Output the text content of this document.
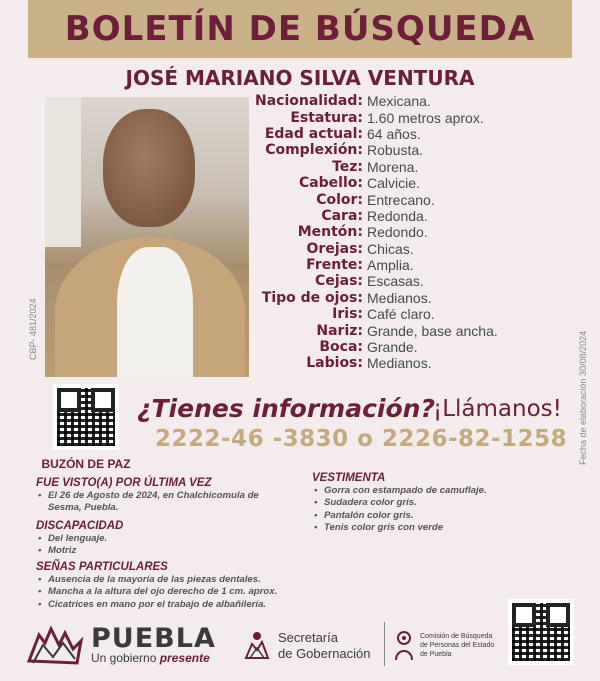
BOLETÍN DE BÚSQUEDA
JOSÉ MARIANO SILVA VENTURA
CBP- 481/2024
Fecha de elaboración 30/08/2024
Nacionalidad: Mexicana.
Estatura: 1.60 metros aprox.
Edad actual: 64 años.
Complexión: Robusta.
Tez: Morena.
Cabello: Calvicie.
Color: Entrecano.
Cara: Redonda.
Mentón: Redondo.
Orejas: Chicas.
Frente: Amplia.
Cejas: Escasas.
Tipo de ojos: Medianos.
Iris: Café claro.
Nariz: Grande, base ancha.
Boca: Grande.
Labios: Medianos.
BUZÓN DE PAZ
¿Tienes información?
¡Llámanos!
2222-46 -3830 o 2226-82-1258
FUE VISTO(A) POR ÚLTIMA VEZ
• El 26 de Agosto de 2024, en Chalchicomula de
Sesma, Puebla.
DISCAPACIDAD
• Del lenguaje.
• Motriz
SEÑAS PARTICULARES
• Ausencia de la mayoría de las piezas dentales.
• Mancha a la altura del ojo derecho de 1 cm. aprox.
• Cicatrices en mano por el trabajo de albañilería.
VESTIMENTA
• Gorra con estampado de camuflaje.
• Sudadera color gris.
• Pantalón color gris.
• Tenis color gris con verde
PUEBLA
Un gobierno presente
Secretaría
de Gobernación
Comisión de Búsqueda
de Personas del Estado
de Puebla
